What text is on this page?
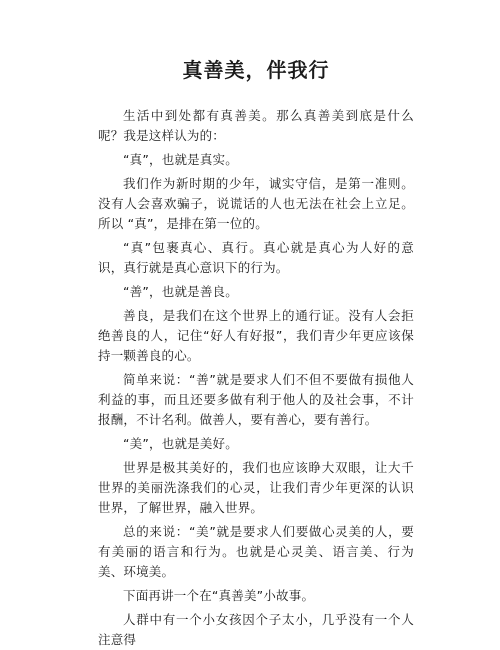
真善美，伴我行

生活中到处都有真善美。那么真善美到底是什么呢？我是这样认为的：

“真”，也就是真实。

我们作为新时期的少年，诚实守信，是第一准则。没有人会喜欢骗子，说谎话的人也无法在社会上立足。所以 “真”，是排在第一位的。

“真”包裹真心、真行。真心就是真心为人好的意识，真行就是真心意识下的行为。

“善”，也就是善良。

善良，是我们在这个世界上的通行证。没有人会拒绝善良的人，记住“好人有好报”，我们青少年更应该保持一颗善良的心。

简单来说：“善”就是要求人们不但不要做有损他人利益的事，而且还要多做有利于他人的及社会事，不计报酬，不计名利。做善人，要有善心，要有善行。

“美”，也就是美好。

世界是极其美好的，我们也应该睁大双眼，让大千世界的美丽洗涤我们的心灵，让我们青少年更深的认识世界，了解世界，融入世界。

总的来说：“美”就是要求人们要做心灵美的人，要有美丽的语言和行为。也就是心灵美、语言美、行为美、环境美。

下面再讲一个在“真善美”小故事。

人群中有一个小女孩因个子太小，几乎没有一个人注意得
